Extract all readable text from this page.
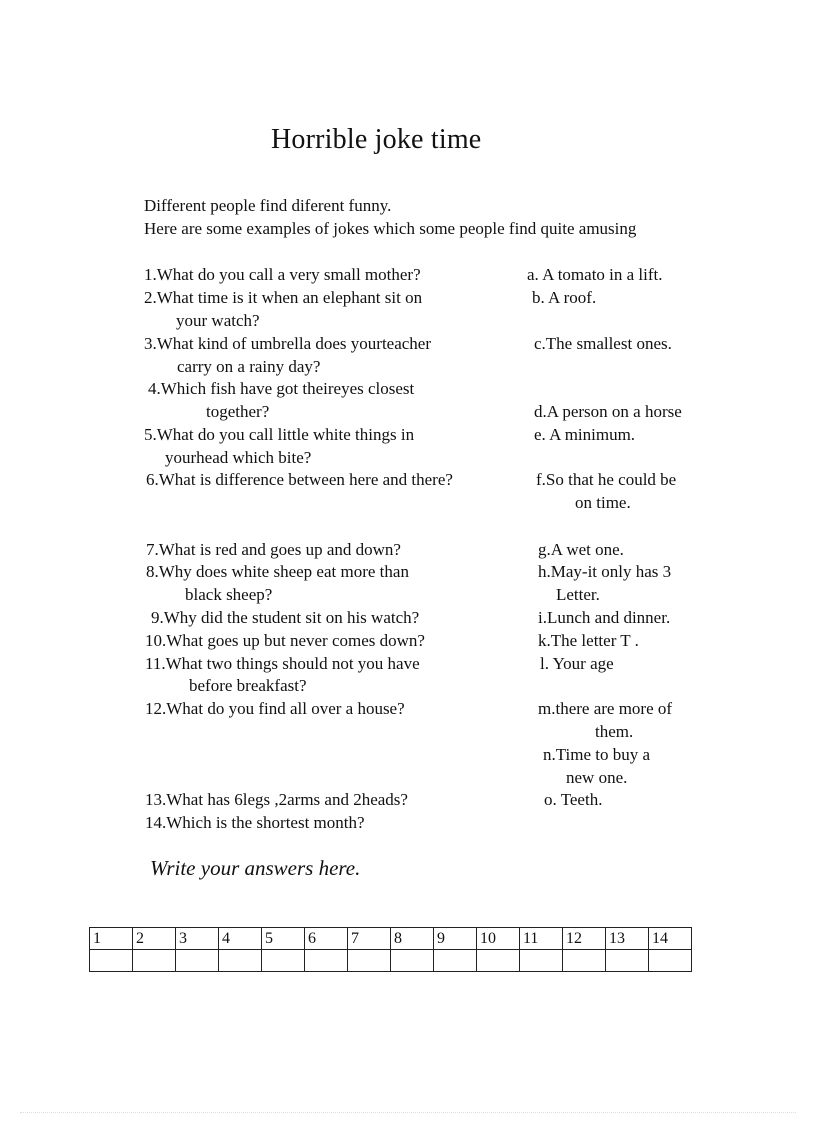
Horrible joke time
Different people find diferent funny.
Here are some examples of jokes which some people find quite amusing
1.What do you call a very small mother?
2.What time is it when an elephant sit on
your watch?
3.What kind of umbrella does yourteacher
carry on a rainy day?
4.Which fish have got theireyes closest
together?
5.What do you call little white things in
yourhead which bite?
6.What is difference between here and there?
7.What is red and goes up and down?
8.Why does white sheep eat more than
black sheep?
9.Why did the student sit on his watch?
10.What goes up but never comes down?
11.What two things should not you have
before breakfast?
12.What do you find all over a house?
13.What has 6legs ,2arms and 2heads?
14.Which is the shortest month?
a. A tomato in a lift.
b. A roof.
c.The smallest ones.
d.A person on a horse
e. A minimum.
f.So that he could be
on time.
g.A wet one.
h.May-it only has 3
Letter.
i.Lunch and dinner.
k.The letter T .
l. Your age
m.there are more of
them.
n.Time to buy a
new one.
o. Teeth.
Write your answers here.
1	2	3	4	5	6	7	8	9	10	11	12	13	14
